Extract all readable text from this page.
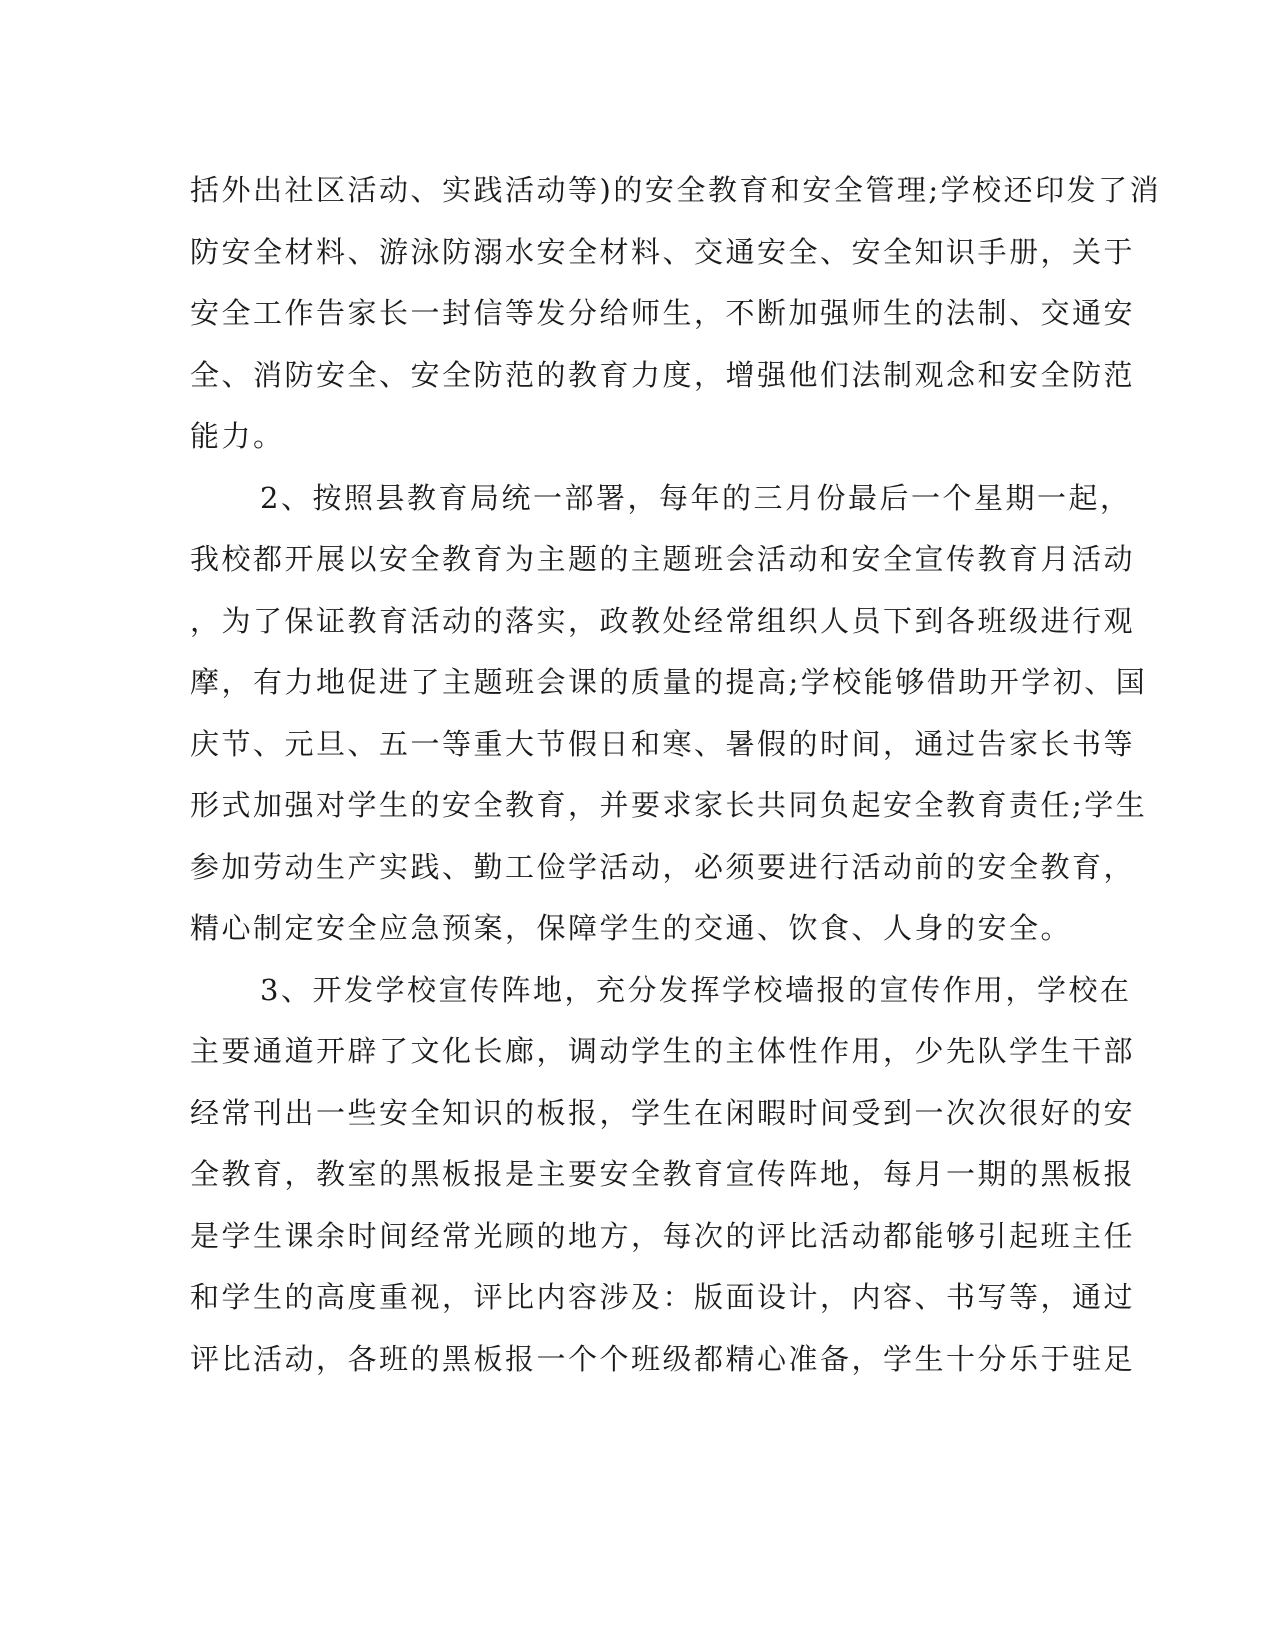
括外出社区活动、实践活动等)的安全教育和安全管理;学校还印发了消
防安全材料、游泳防溺水安全材料、交通安全、安全知识手册，关于
安全工作告家长一封信等发分给师生，不断加强师生的法制、交通安
全、消防安全、安全防范的教育力度，增强他们法制观念和安全防范
能力。
2、按照县教育局统一部署，每年的三月份最后一个星期一起，
我校都开展以安全教育为主题的主题班会活动和安全宣传教育月活动
，为了保证教育活动的落实，政教处经常组织人员下到各班级进行观
摩，有力地促进了主题班会课的质量的提高;学校能够借助开学初、国
庆节、元旦、五一等重大节假日和寒、暑假的时间，通过告家长书等
形式加强对学生的安全教育，并要求家长共同负起安全教育责任;学生
参加劳动生产实践、勤工俭学活动，必须要进行活动前的安全教育，
精心制定安全应急预案，保障学生的交通、饮食、人身的安全。
3、开发学校宣传阵地，充分发挥学校墙报的宣传作用，学校在
主要通道开辟了文化长廊，调动学生的主体性作用，少先队学生干部
经常刊出一些安全知识的板报，学生在闲暇时间受到一次次很好的安
全教育，教室的黑板报是主要安全教育宣传阵地，每月一期的黑板报
是学生课余时间经常光顾的地方，每次的评比活动都能够引起班主任
和学生的高度重视，评比内容涉及：版面设计，内容、书写等，通过
评比活动，各班的黑板报一个个班级都精心准备，学生十分乐于驻足
